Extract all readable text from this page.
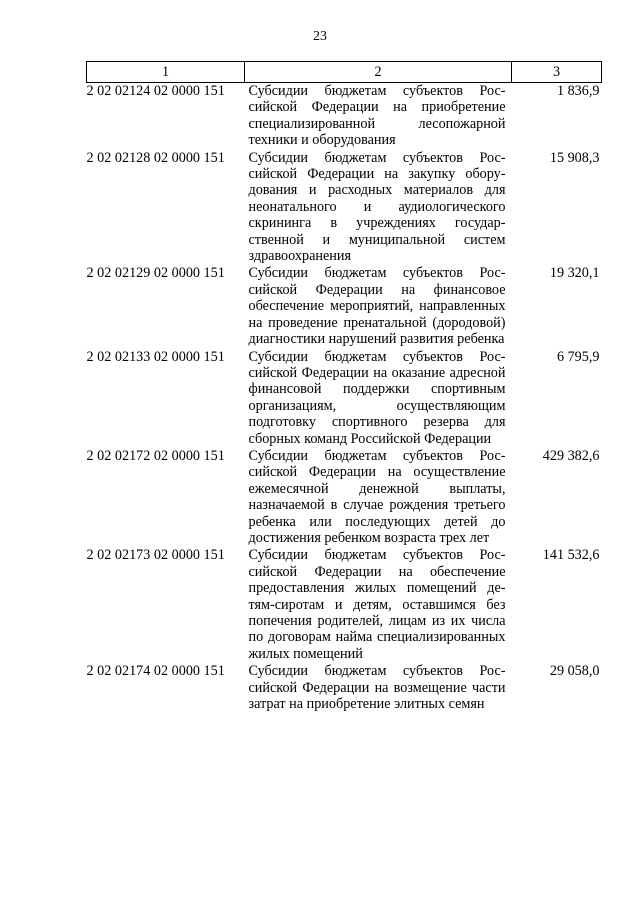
23
1	2	3
2 02 02124 02 0000 151	Субсидии бюджетам субъектов Российской Федерации на приобретение специализированной лесопожарной техники и оборудования	1 836,9
2 02 02128 02 0000 151	Субсидии бюджетам субъектов Российской Федерации на закупку оборудования и расходных материалов для неонатального и аудиологического скрининга в учреждениях государственной и муниципальной систем здравоохранения	15 908,3
2 02 02129 02 0000 151	Субсидии бюджетам субъектов Российской Федерации на финансовое обеспечение мероприятий, направленных на проведение пренатальной (дородовой) диагностики нарушений развития ребенка	19 320,1
2 02 02133 02 0000 151	Субсидии бюджетам субъектов Российской Федерации на оказание адресной финансовой поддержки спортивным организациям, осуществляющим подготовку спортивного резерва для сборных команд Российской Федерации	6 795,9
2 02 02172 02 0000 151	Субсидии бюджетам субъектов Российской Федерации на осуществление ежемесячной денежной выплаты, назначаемой в случае рождения третьего ребенка или последующих детей до достижения ребенком возраста трех лет	429 382,6
2 02 02173 02 0000 151	Субсидии бюджетам субъектов Российской Федерации на обеспечение предоставления жилых помещений детям-сиротам и детям, оставшимся без попечения родителей, лицам из их числа по договорам найма специализированных жилых помещений	141 532,6
2 02 02174 02 0000 151	Субсидии бюджетам субъектов Российской Федерации на возмещение части затрат на приобретение элитных семян	29 058,0
